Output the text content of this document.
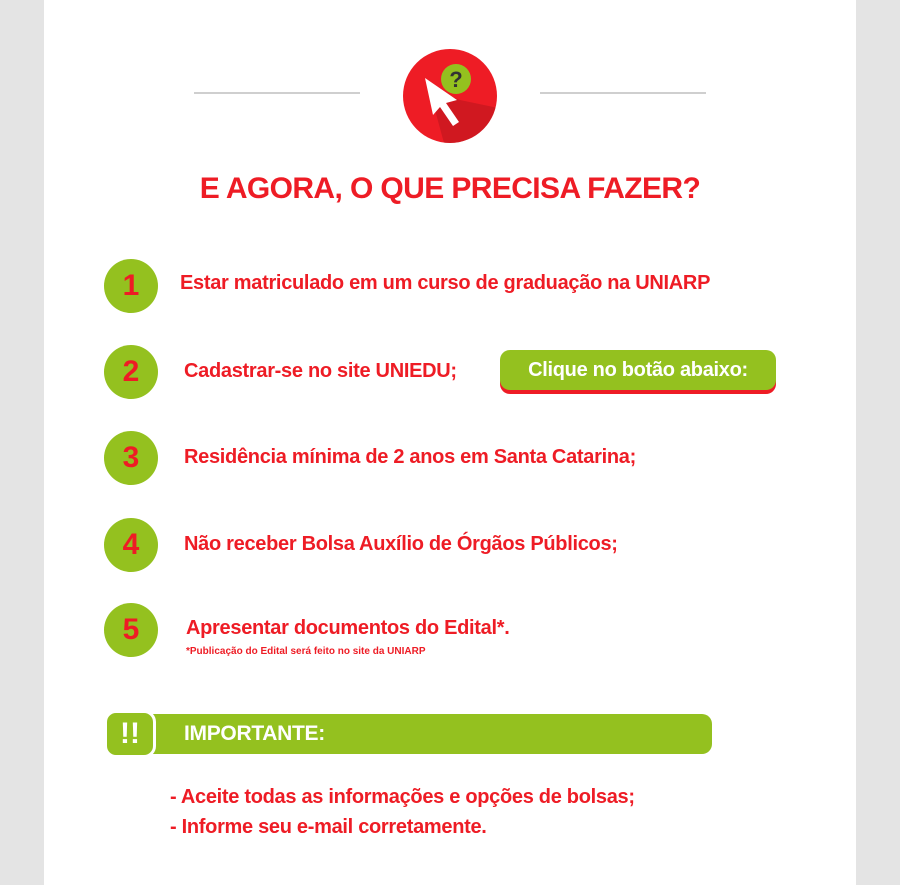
?
E AGORA, O QUE PRECISA FAZER?
1	Estar matriculado em um curso de graduação na UNIARP
2	Cadastrar-se no site UNIEDU;	Clique no botão abaixo:
3	Residência mínima de 2 anos em Santa Catarina;
4	Não receber Bolsa Auxílio de Órgãos Públicos;
5	Apresentar documentos do Edital*.
*Publicação do Edital será feito no site da UNIARP
!!	IMPORTANTE:
- Aceite todas as informações e opções de bolsas;
- Informe seu e-mail corretamente.
